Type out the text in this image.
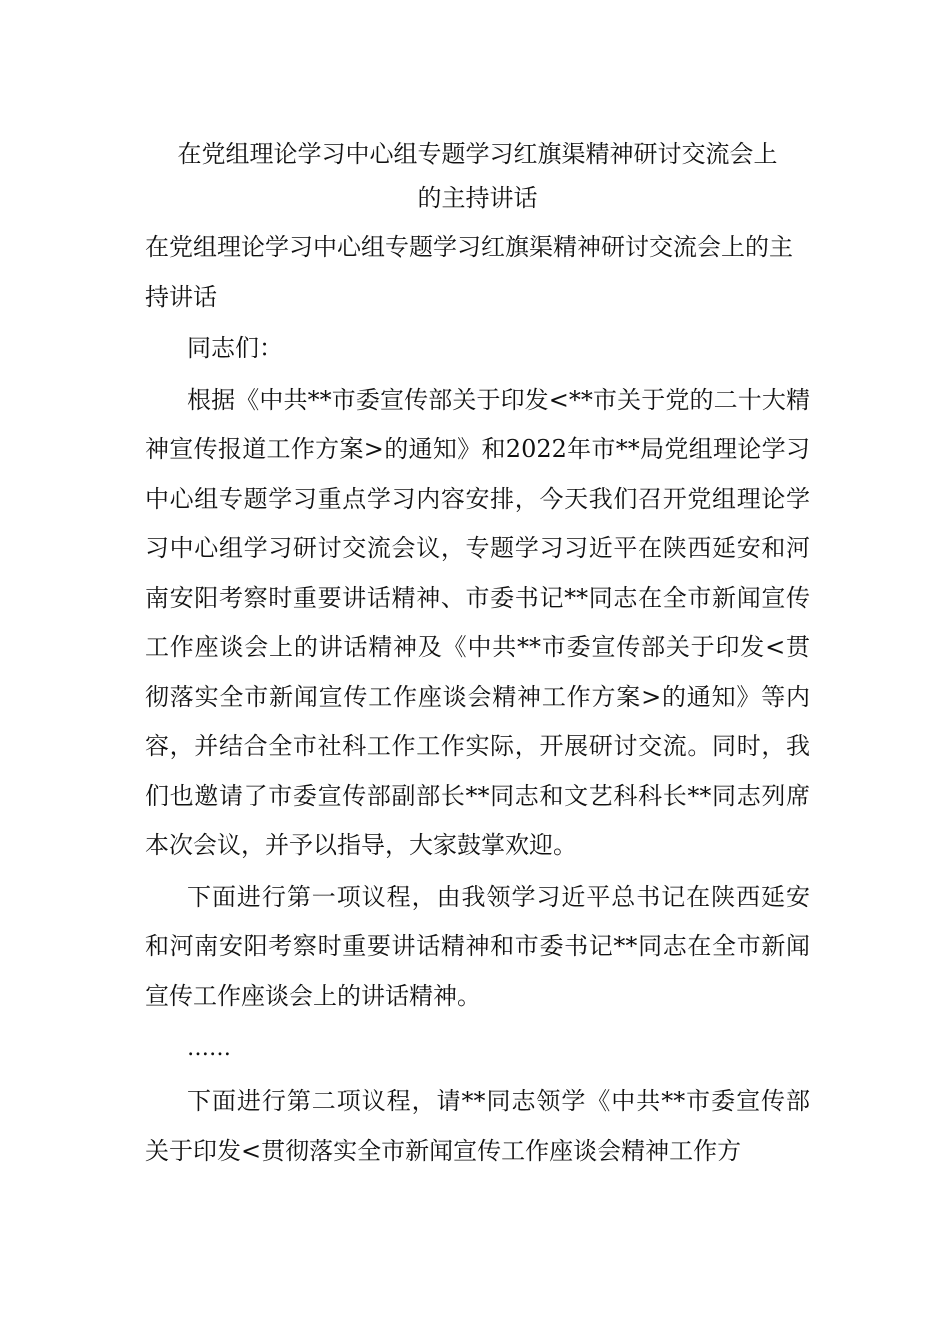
在党组理论学习中心组专题学习红旗渠精神研讨交流会上

的主持讲话

在党组理论学习中心组专题学习红旗渠精神研讨交流会上的主持讲话

同志们：

根据《中共**市委宣传部关于印发<**市关于党的二十大精神宣传报道工作方案>的通知》和2022年市**局党组理论学习中心组专题学习重点学习内容安排，今天我们召开党组理论学习中心组学习研讨交流会议，专题学习习近平在陕西延安和河南安阳考察时重要讲话精神、市委书记**同志在全市新闻宣传工作座谈会上的讲话精神及《中共**市委宣传部关于印发<贯彻落实全市新闻宣传工作座谈会精神工作方案>的通知》等内容，并结合全市社科工作工作实际，开展研讨交流。同时，我们也邀请了市委宣传部副部长**同志和文艺科科长**同志列席本次会议，并予以指导，大家鼓掌欢迎。

下面进行第一项议程，由我领学习近平总书记在陕西延安和河南安阳考察时重要讲话精神和市委书记**同志在全市新闻宣传工作座谈会上的讲话精神。

……

下面进行第二项议程，请**同志领学《中共**市委宣传部关于印发<贯彻落实全市新闻宣传工作座谈会精神工作方
